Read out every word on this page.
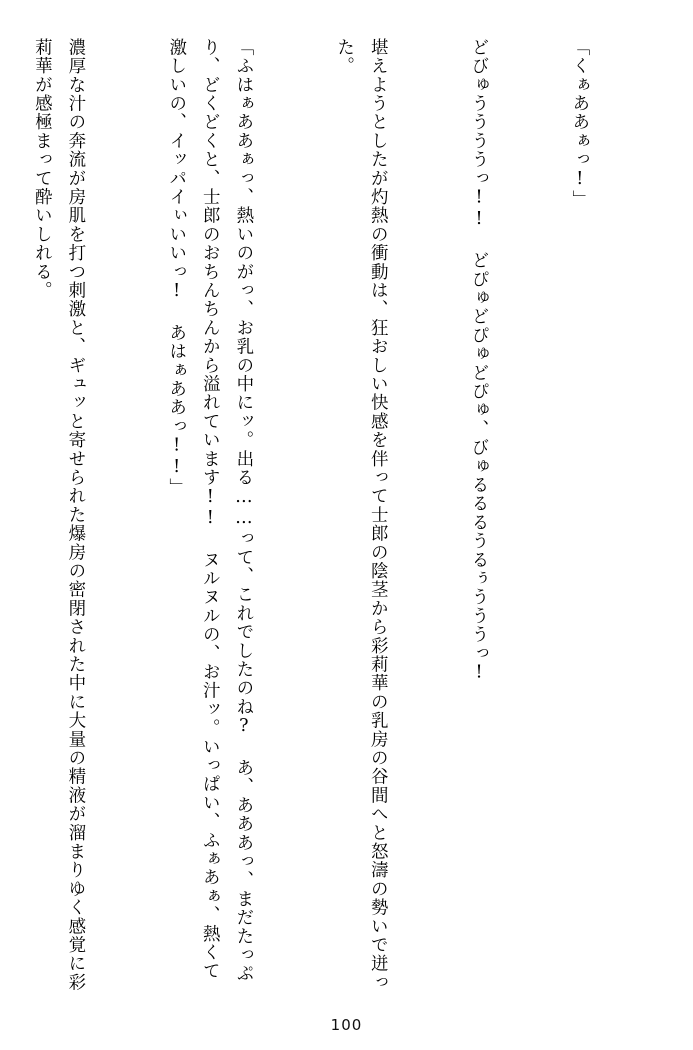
「くぁああぁっ!」

どびゅううううっ!! どぴゅどぴゅどぴゅ、びゅるるるうるぅうううっ!

堪えようとしたが灼熱の衝動は、狂おしい快感を伴って士郎の陰茎から彩莉華の乳房の谷間へと怒濤の勢いで迸った。

「ふはぁああぁっ、熱いのがっ、お乳の中にッ。出る……って、これでしたのね? あ、あああっ、まだたっぷり、どくどくと、士郎のおちんちんから溢れています!! ヌルヌルの、お汁ッ。いっぱい、ふぁあぁ、熱くて激しいの、イッパイぃいいっ! あはぁああっ!!」

濃厚な汁の奔流が房肌を打つ刺激と、ギュッと寄せられた爆房の密閉された中に大量の精液が溜まりゆく感覚に彩莉華が感極まって酔いしれる。

100
